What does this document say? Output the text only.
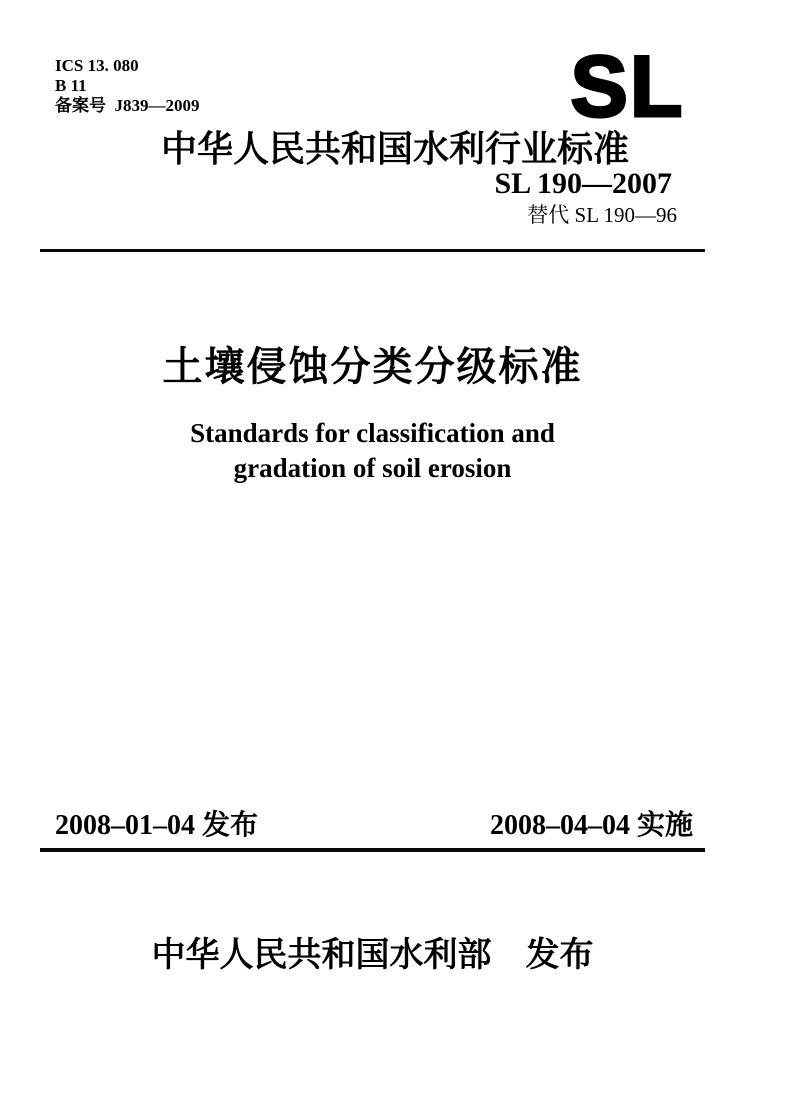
ICS 13. 080
B 11
备案号  J839—2009	SL
中华人民共和国水利行业标准
SL 190—2007
替代 SL 190—96
土壤侵蚀分类分级标准
Standards for classification and
gradation of soil erosion
2008–01–04 发布	2008–04–04 实施
中华人民共和国水利部　发布
